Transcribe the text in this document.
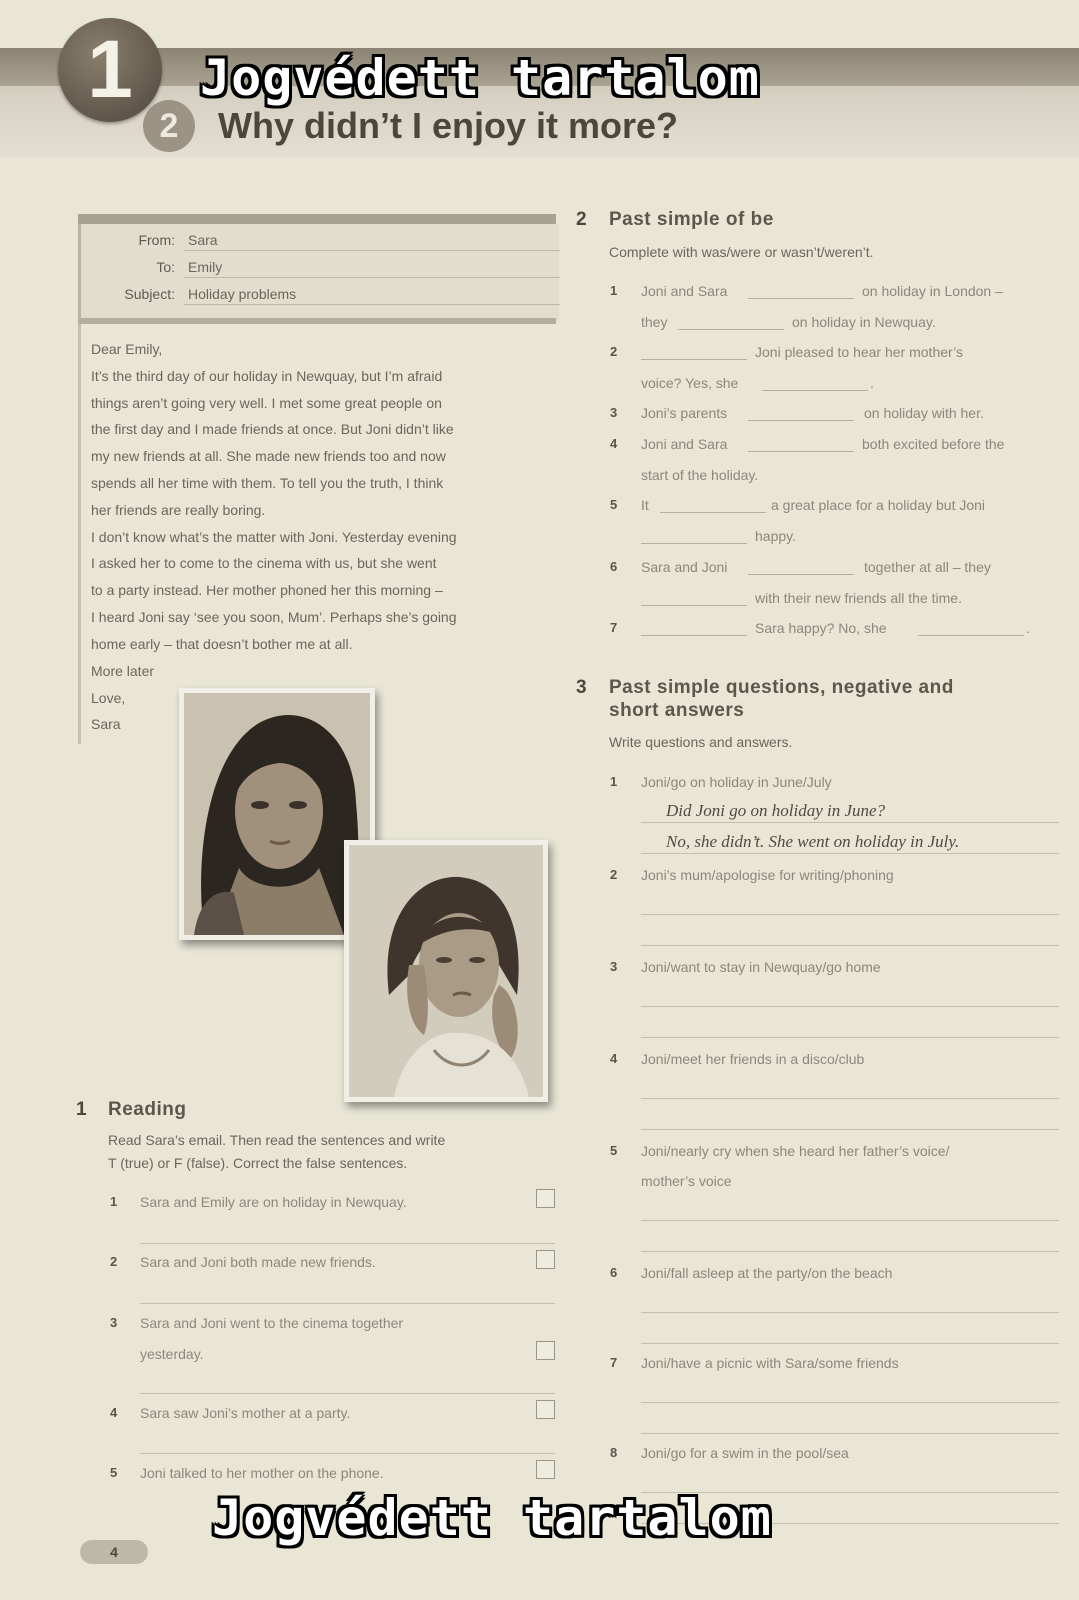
1
2	Why didn’t I enjoy it more?
Jogvédett tartalom
From: Sara
To: Emily
Subject: Holiday problems
Dear Emily,
It’s the third day of our holiday in Newquay, but I’m afraid
things aren’t going very well. I met some great people on
the first day and I made friends at once. But Joni didn’t like
my new friends at all. She made new friends too and now
spends all her time with them. To tell you the truth, I think
her friends are really boring.
I don’t know what’s the matter with Joni. Yesterday evening
I asked her to come to the cinema with us, but she went
to a party instead. Her mother phoned her this morning –
I heard Joni say ‘see you soon, Mum’. Perhaps she’s going
home early – that doesn’t bother me at all.
More later
Love,
Sara
1 Reading
Read Sara’s email. Then read the sentences and write
T (true) or F (false). Correct the false sentences.
1 Sara and Emily are on holiday in Newquay.
2 Sara and Joni both made new friends.
3 Sara and Joni went to the cinema together
yesterday.
4 Sara saw Joni’s mother at a party.
5 Joni talked to her mother on the phone.
2 Past simple of be
Complete with was/were or wasn’t/weren’t.
1 Joni and Sara	on holiday in London –
they	on holiday in Newquay.
2	Joni pleased to hear her mother’s
voice? Yes, she	.
3 Joni’s parents	on holiday with her.
4 Joni and Sara	both excited before the
start of the holiday.
5 It	a great place for a holiday but Joni
happy.
6 Sara and Joni	together at all – they
with their new friends all the time.
7	Sara happy? No, she	.
3 Past simple questions, negative and
short answers
Write questions and answers.
1 Joni/go on holiday in June/July
Did Joni go on holiday in June?
No, she didn’t. She went on holiday in July.
2 Joni’s mum/apologise for writing/phoning
3 Joni/want to stay in Newquay/go home
4 Joni/meet her friends in a disco/club
5 Joni/nearly cry when she heard her father’s voice/
mother’s voice
6 Joni/fall asleep at the party/on the beach
7 Joni/have a picnic with Sara/some friends
8 Joni/go for a swim in the pool/sea
Jogvédett tartalom
4
